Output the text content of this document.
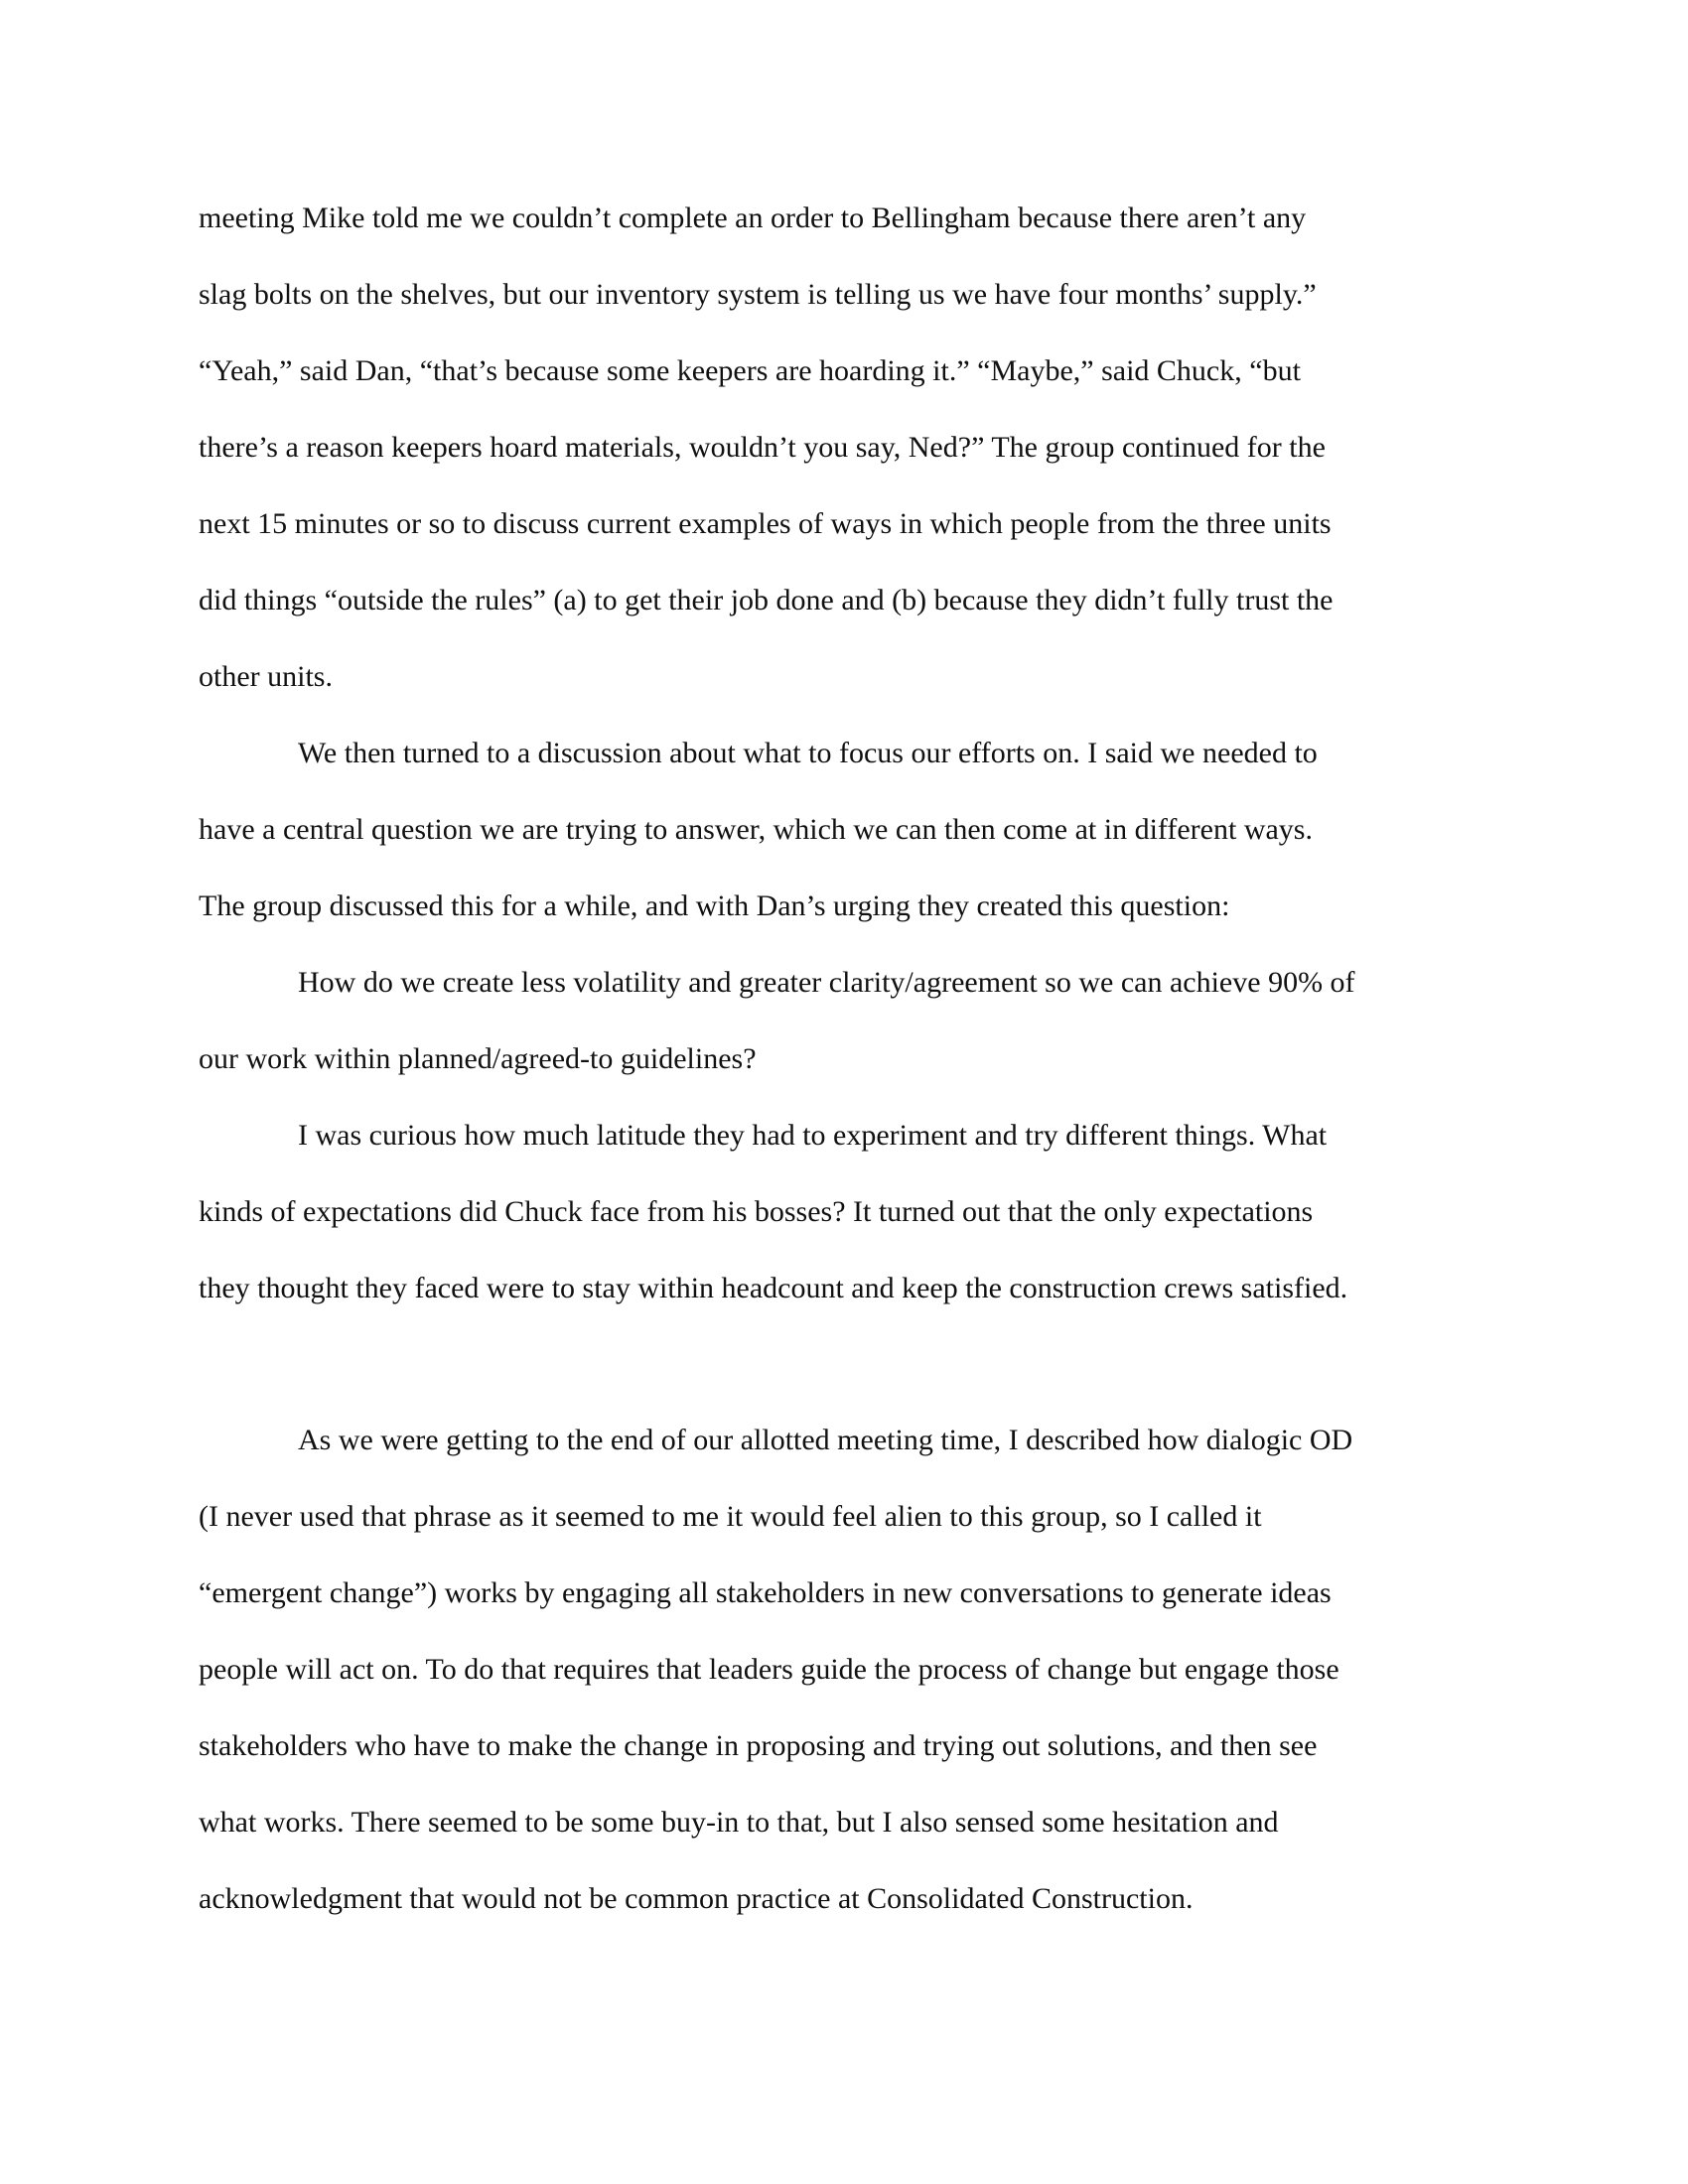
meeting Mike told me we couldn’t complete an order to Bellingham because there aren’t any
slag bolts on the shelves, but our inventory system is telling us we have four months’ supply.”
“Yeah,” said Dan, “that’s because some keepers are hoarding it.” “Maybe,” said Chuck, “but
there’s a reason keepers hoard materials, wouldn’t you say, Ned?” The group continued for the
next 15 minutes or so to discuss current examples of ways in which people from the three units
did things “outside the rules” (a) to get their job done and (b) because they didn’t fully trust the
other units.
We then turned to a discussion about what to focus our efforts on. I said we needed to
have a central question we are trying to answer, which we can then come at in different ways.
The group discussed this for a while, and with Dan’s urging they created this question:
How do we create less volatility and greater clarity/agreement so we can achieve 90% of
our work within planned/agreed-to guidelines?
I was curious how much latitude they had to experiment and try different things. What
kinds of expectations did Chuck face from his bosses? It turned out that the only expectations
they thought they faced were to stay within headcount and keep the construction crews satisfied.
As we were getting to the end of our allotted meeting time, I described how dialogic OD
(I never used that phrase as it seemed to me it would feel alien to this group, so I called it
“emergent change”) works by engaging all stakeholders in new conversations to generate ideas
people will act on. To do that requires that leaders guide the process of change but engage those
stakeholders who have to make the change in proposing and trying out solutions, and then see
what works. There seemed to be some buy-in to that, but I also sensed some hesitation and
acknowledgment that would not be common practice at Consolidated Construction.
